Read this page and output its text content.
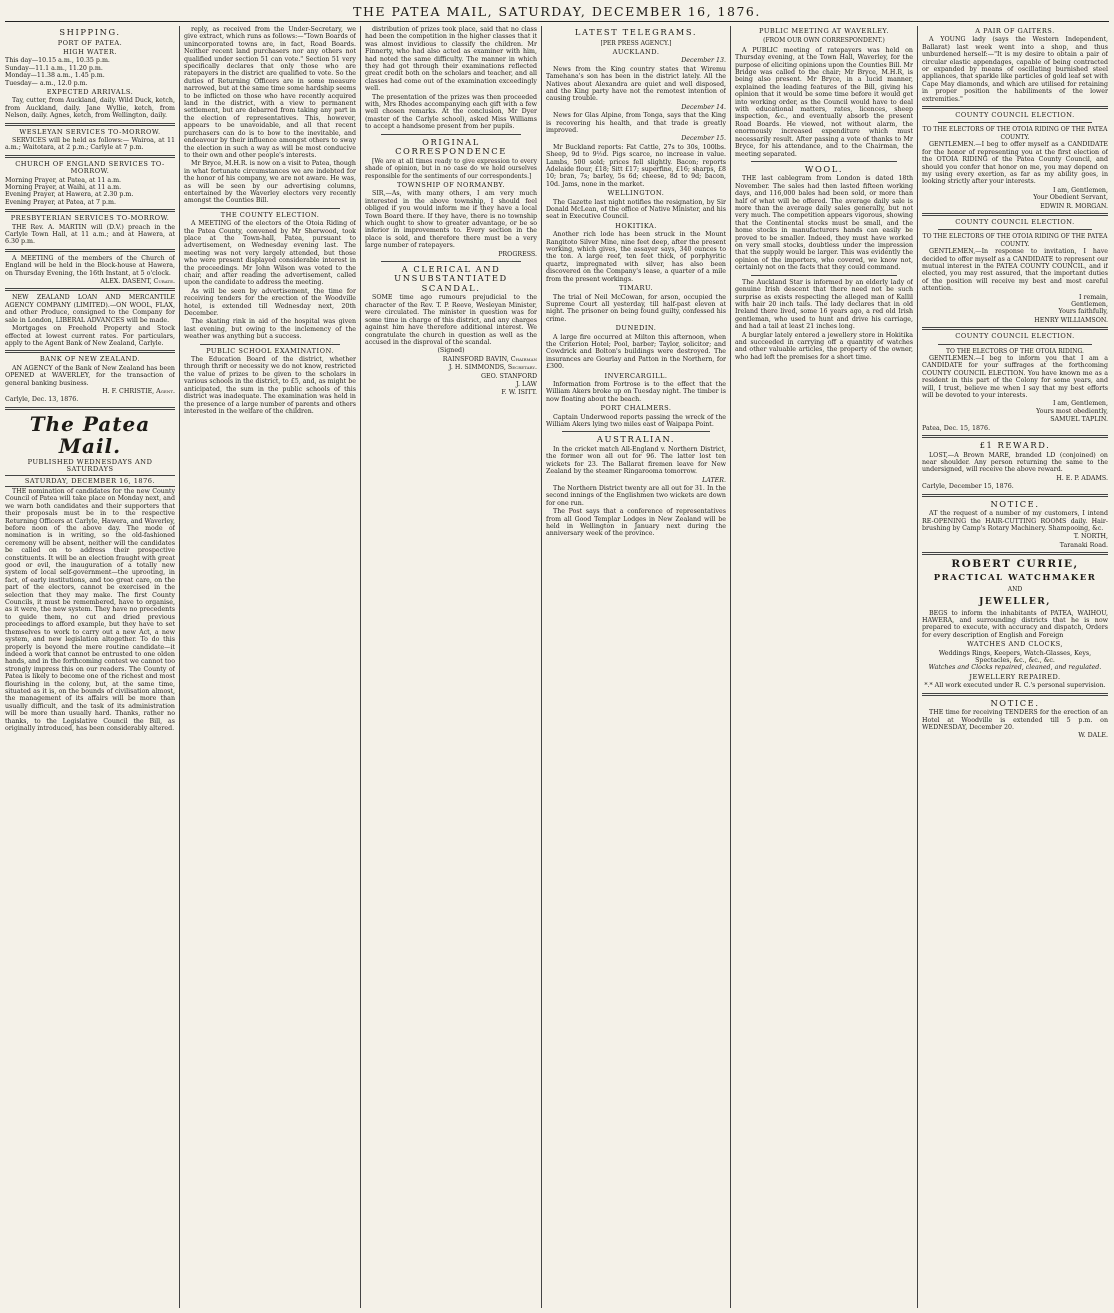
THE PATEA MAIL, SATURDAY, DECEMBER 16, 1876.
SHIPPING.
PORT OF PATEA.
HIGH WATER.
This day—10.15 a.m., 10.35 p.m.
Sunday—11.1 a.m., 11.20 p.m.
Monday—11.38 a.m., 1.45 p.m.
Tuesday— a.m., 12.0 p.m.
EXPECTED ARRIVALS.

Tay, cutter, from Auckland, daily. Wild Duck, ketch, from Auckland, daily. Jane Wyllie, ketch, from Nelson, daily. Agnes, ketch, from Wellington, daily.

WESLEYAN SERVICES TO-MORROW.

SERVICES will be held as follows:— Wairoa, at 11 a.m.; Waitotara, at 2 p.m.; Carlyle at 7 p.m.

CHURCH OF ENGLAND SERVICES TO-MORROW.
Morning Prayer, at Patea, at 11 a.m.
Morning Prayer, at Waihi, at 11 a.m.
Evening Prayer, at Hawera, at 2.30 p.m.
Evening Prayer, at Patea, at 7 p.m.
PRESBYTERIAN SERVICES TO-MORROW.

THE Rev. A. MARTIN will (D.V.) preach in the Carlyle Town Hall, at 11 a.m.; and at Hawera, at 6.30 p.m.

A MEETING of the members of the Church of England will be held in the Block-house at Hawera, on Thursday Evening, the 16th Instant, at 5 o'clock.

ALEX. DASENT, Curate.

NEW ZEALAND LOAN AND MERCANTILE AGENCY COMPANY (LIMITED).—ON WOOL, FLAX, and other Produce, consigned to the Company for sale in London, LIBERAL ADVANCES will be made.

Mortgages on Freehold Property and Stock effected at lowest current rates. For particulars, apply to the Agent Bank of New Zealand, Carlyle.

BANK OF NEW ZEALAND.

AN AGENCY of the Bank of New Zealand has been OPENED at WAVERLEY, for the transaction of general banking business.

H. F. CHRISTIE, Agent.
Carlyle, Dec. 13, 1876.
The Patea Mail.
PUBLISHED WEDNESDAYS AND SATURDAYS
SATURDAY, DECEMBER 16, 1876.

THE nomination of candidates for the new County Council of Patea will take place on Monday next, and we warn both candidates and their supporters that their proposals must be in to the respective Returning Officers at Carlyle, Hawera, and Waverley, before noon of the above day. The mode of nomination is in writing, so the old-fashioned ceremony will be absent, neither will the candidates be called on to address their prospective constituents. It will be an election fraught with great good or evil, the inauguration of a totally new system of local self-government—the uprooting, in fact, of early institutions, and too great care, on the part of the electors, cannot be exercised in the selection that they may make. The first County Councils, it must be remembered, have to organise, as it were, the new system. They have no precedents to guide them, no cut and dried previous proceedings to afford example, but they have to set themselves to work to carry out a new Act, a new system, and new legislation altogether. To do this properly is beyond the mere routine candidate—it indeed a work that cannot be entrusted to one olden hands, and in the forthcoming contest we cannot too strongly impress this on our readers. The County of Patea is likely to become one of the richest and most flourishing in the colony, but, at the same time, situated as it is, on the bounds of civilisation almost, the management of its affairs will be more than usually difficult, and the task of its administration will be more than usually hard. Thanks, rather no thanks, to the Legislative Council the Bill, as originally introduced, has been considerably altered.

reply, as received from the Under-Secretary, we give extract, which runs as follows:—"Town Boards of unincorporated towns are, in fact, Road Boards. Neither recent land purchasers nor any others not qualified under section 51 can vote." Section 51 very specifically declares that only those who are ratepayers in the district are qualified to vote. So the duties of Returning Officers are in some measure narrowed, but at the same time some hardship seems to be inflicted on those who have recently acquired land in the district, with a view to permanent settlement, but are debarred from taking any part in the election of representatives. This, however, appears to be unavoidable, and all that recent purchasers can do is to bow to the inevitable, and endeavour by their influence amongst others to sway the election in such a way as will be most conducive to their own and other people's interests.

Mr Bryce, M.H.R. is now on a visit to Patea, though in what fortunate circumstances we are indebted for the honor of his company, we are not aware. He was, as will be seen by our advertising columns, entertained by the Waverley electors very recently amongst the Counties Bill.

THE COUNTY ELECTION.

A MEETING of the electors of the Otoia Riding of the Patea County, convened by Mr Sherwood, took place at the Town-hall, Patea, pursuant to advertisement, on Wednesday evening last. The meeting was not very largely attended, but those who were present displayed considerable interest in the proceedings. Mr John Wilson was voted to the chair, and after reading the advertisement, called upon the candidate to address the meeting.

As will be seen by advertisement, the time for receiving tenders for the erection of the Woodville hotel, is extended till Wednesday next, 20th December.

The skating rink in aid of the hospital was given last evening, but owing to the inclemency of the weather was anything but a success.

PUBLIC SCHOOL EXAMINATION.

The Education Board of the district, whether through thrift or necessity we do not know, restricted the value of prizes to be given to the scholars in various schools in the district, to £5, and, as might be anticipated, the sum in the public schools of this district was inadequate. The examination was held in the presence of a large number of parents and others interested in the welfare of the children.

distribution of prizes took place, said that no class had been the competition in the higher classes that it was almost invidious to classify the children. Mr Finnerty, who had also acted as examiner with him, had noted the same difficulty. The manner in which they had got through their examinations reflected great credit both on the scholars and teacher, and all classes had come out of the examination exceedingly well.

The presentation of the prizes was then proceeded with, Mrs Rhodes accompanying each gift with a few well chosen remarks. At the conclusion, Mr Dyer (master of the Carlyle school), asked Miss Williams to accept a handsome present from her pupils.

ORIGINAL CORRESPONDENCE

[We are at all times ready to give expression to every shade of opinion, but in no case do we hold ourselves responsible for the sentiments of our correspondents.]

TOWNSHIP OF NORMANBY.

SIR,—As, with many others, I am very much interested in the above township, I should feel obliged if you would inform me if they have a local Town Board there. If they have, there is no township which ought to show to greater advantage, or be so inferior in improvements to. Every section in the place is sold, and therefore there must be a very large number of ratepayers.

PROGRESS.
A CLERICAL AND UNSUBSTANTIATED SCANDAL.

SOME time ago rumours prejudicial to the character of the Rev. T. P. Reeve, Wesleyan Minister, were circulated. The minister in question was for some time in charge of this district, and any charges against him have therefore additional interest. We congratulate the church in question as well as the accused in the disproval of the scandal.

(Signed)
RAINSFORD BAVIN, Chairman
J. H. SIMMONDS, Secretary.
GEO. STANFORD
J. LAW
F. W. ISITT.
LATEST TELEGRAMS.
[PER PRESS AGENCY.]
AUCKLAND.
December 13.

News from the King country states that Wiremu Tamehana's son has been in the district lately. All the Natives about Alexandra are quiet and well disposed, and the King party have not the remotest intention of causing trouble.

December 14.

News for Glas Alpine, from Tonga, says that the King is recovering his health, and that trade is greatly improved.

December 15.

Mr Buckland reports: Fat Cattle, 27s to 30s, 100lbs. Sheep, 9d to 9½d. Pigs scarce, no increase in value. Lambs, 500 sold; prices fell slightly. Bacon; reports Adelaide flour, £18; Sitt £17; superfine, £16; sharps, £8 10; bran, 7s; barley, 5s 6d; cheese, 8d to 9d; bacon, 10d. Jams, none in the market.

WELLINGTON.

The Gazette last night notifies the resignation, by Sir Donald McLean, of the office of Native Minister, and his seat in Executive Council.

HOKITIKA.

Another rich lode has been struck in the Mount Rangitoto Silver Mine, nine feet deep, after the present working, which gives, the assayer says, 340 ounces to the ton. A large reef, ten feet thick, of porphyritic quartz, impregnated with silver, has also been discovered on the Company's lease, a quarter of a mile from the present workings.

TIMARU.

The trial of Neil McCowan, for arson, occupied the Supreme Court all yesterday, till half-past eleven at night. The prisoner on being found guilty, confessed his crime.

DUNEDIN.

A large fire occurred at Milton this afternoon, when the Criterion Hotel; Pool, barber; Taylor, solicitor; and Cowdrick and Bolton's buildings were destroyed. The insurances are Gourlay and Patton in the Northern, for £300.

INVERCARGILL.

Information from Fortrose is to the effect that the William Akers broke up on Tuesday night. The timber is now floating about the beach.

PORT CHALMERS.

Captain Underwood reports passing the wreck of the William Akers lying two miles east of Waipapa Point.

AUSTRALIAN.

In the cricket match All-England v. Northern District, the former won all out for 96. The latter lost ten wickets for 23. The Ballarat firemen leave for New Zealand by the steamer Ringarooma tomorrow.

LATER.

The Northern District twenty are all out for 31. In the second innings of the Englishmen two wickets are down for one run.

The Post says that a conference of representatives from all Good Templar Lodges in New Zealand will be held in Wellington in January next during the anniversary week of the province.

PUBLIC MEETING AT WAVERLEY.
(FROM OUR OWN CORRESPONDENT.)

A PUBLIC meeting of ratepayers was held on Thursday evening, at the Town Hall, Waverley, for the purpose of eliciting opinions upon the Counties Bill. Mr Bridge was called to the chair; Mr Bryce, M.H.R, is being also present. Mr Bryce, in a lucid manner, explained the leading features of the Bill, giving his opinion that it would be some time before it would get into working order, as the Council would have to deal with educational matters, rates, licences, sheep inspection, &c., and eventually absorb the present Road Boards. He viewed, not without alarm, the enormously increased expenditure which must necessarily result. After passing a vote of thanks to Mr Bryce, for his attendance, and to the Chairman, the meeting separated.

WOOL.

THE last cablegram from London is dated 18th November. The sales had then lasted fifteen working days, and 116,000 bales had been sold, or more than half of what will be offered. The average daily sale is more than the average daily sales generally, but not very much. The competition appears vigorous, showing that the Continental stocks must be small, and the home stocks in manufacturers hands can easily be proved to be smaller. Indeed, they must have worked on very small stocks, doubtless under the impression that the supply would be larger. This was evidently the opinion of the importers, who covered, we know not, certainly not on the facts that they could command.

The Auckland Star is informed by an elderly lady of genuine Irish descent that there need not be such surprise as exists respecting the alleged man of Kallil with hair 20 inch tails. The lady declares that in old Ireland there lived, some 16 years ago, a red old Irish gentleman, who used to hunt and drive his carriage, and had a tail at least 21 inches long.

A burglar lately entered a jewellery store in Hokitika and succeeded in carrying off a quantity of watches and other valuable articles, the property of the owner, who had left the premises for a short time.

A PAIR OF GAITERS.

A YOUNG lady (says the Western Independent, Ballarat) last week went into a shop, and thus unburdened herself:—"It is my desire to obtain a pair of circular elastic appendages, capable of being contracted or expanded by means of oscillating burnished steel appliances, that sparkle like particles of gold leaf set with Cape May diamonds, and which are utilised for retaining in proper position the habiliments of the lower extremities."

COUNTY COUNCIL ELECTION.
TO THE ELECTORS OF THE OTOIA RIDING OF THE PATEA COUNTY.

GENTLEMEN.—I beg to offer myself as a CANDIDATE for the honor of representing you at the first election of the OTOIA RIDING of the Patea County Council, and should you confer that honor on me, you may depend on my using every exertion, as far as my ability goes, in looking strictly after your interests.

I am, Gentlemen,
Your Obedient Servant,
EDWIN R. MORGAN.
COUNTY COUNCIL ELECTION.
TO THE ELECTORS OF THE OTOIA RIDING OF THE PATEA COUNTY.

GENTLEMEN,—In response to invitation, I have decided to offer myself as a CANDIDATE to represent our mutual interest in the PATEA COUNTY COUNCIL, and if elected, you may rest assured, that the important duties of the position will receive my best and most careful attention.

I remain,
Gentlemen,
Yours faithfully,
HENRY WILLIAMSON.
COUNTY COUNCIL ELECTION.
TO THE ELECTORS OF THE OTOIA RIDING.

GENTLEMEN.—I beg to inform you that I am a CANDIDATE for your suffrages at the forthcoming COUNTY COUNCIL ELECTION. You have known me as a resident in this part of the Colony for some years, and will, I trust, believe me when I say that my best efforts will be devoted to your interests.

I am, Gentlemen,
Yours most obediently,
SAMUEL TAPLIN.
Patea, Dec. 15, 1876.
£1 REWARD.

LOST,—A Brown MARE, branded LD (conjoined) on near shoulder. Any person returning the same to the undersigned, will receive the above reward.

H. E. P. ADAMS.
Carlyle, December 15, 1876.
NOTICE.

AT the request of a number of my customers, I intend RE-OPENING the HAIR-CUTTING ROOMS daily. Hair-brushing by Camp's Rotary Machinery. Shampooing, &c.

T. NORTH,
Taranaki Road.
ROBERT CURRIE,
PRACTICAL WATCHMAKER
AND
JEWELLER,

BEGS to inform the inhabitants of PATEA, WAIHOU, HAWERA, and surrounding districts that he is now prepared to execute, with accuracy and dispatch, Orders for every description of English and Foreign

WATCHES AND CLOCKS,
Weddings Rings, Keepers, Watch-Glasses, Keys, Spectacles, &c., &c., &c.
Watches and Clocks repaired, cleaned, and regulated.
JEWELLERY REPAIRED.
*.* All work executed under R. C.'s personal supervision.
NOTICE.

THE time for receiving TENDERS for the erection of an Hotel at Woodville is extended till 5 p.m. on WEDNESDAY, December 20.

W. DALE.
